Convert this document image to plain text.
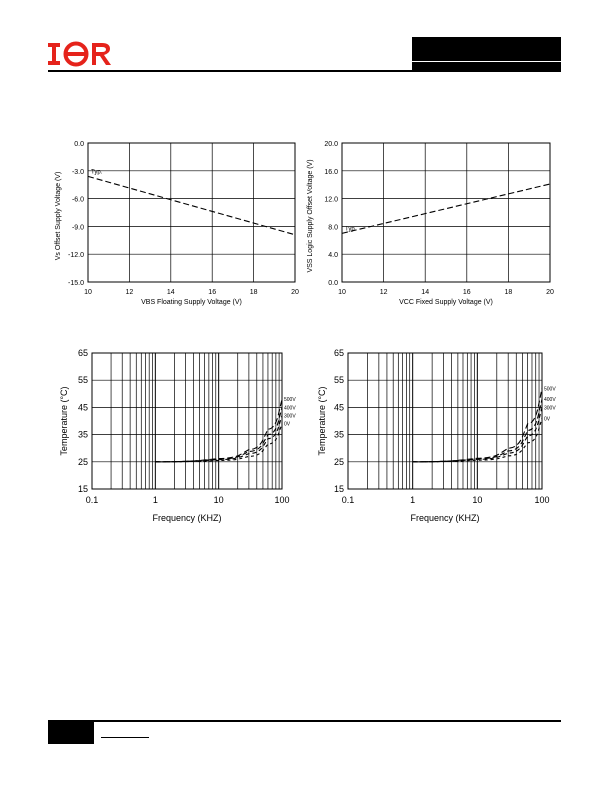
0.0
-3.0
-6.0
-9.0
-12.0
-15.0
10	12	14	16	18	20
VBS Floating Supply Voltage (V)
Vs Offset Supply Voltage (V)	Typ.
20.0
16.0
12.0
8.0
4.0
0.0
10	12	14	16	18	20
VCC Fixed Supply Voltage (V)
VSS Logic Supply Offset Voltage (V)	Typ.
65
55
45
35
25
15
0.1	1	10	100
Frequency (KHZ)
Temperature (°C)	500V
400V
300V
0V
65
55
45
35
25
15
0.1	1	10	100
Frequency (KHZ)
Temperature (°C)	500V
400V
300V
0V
